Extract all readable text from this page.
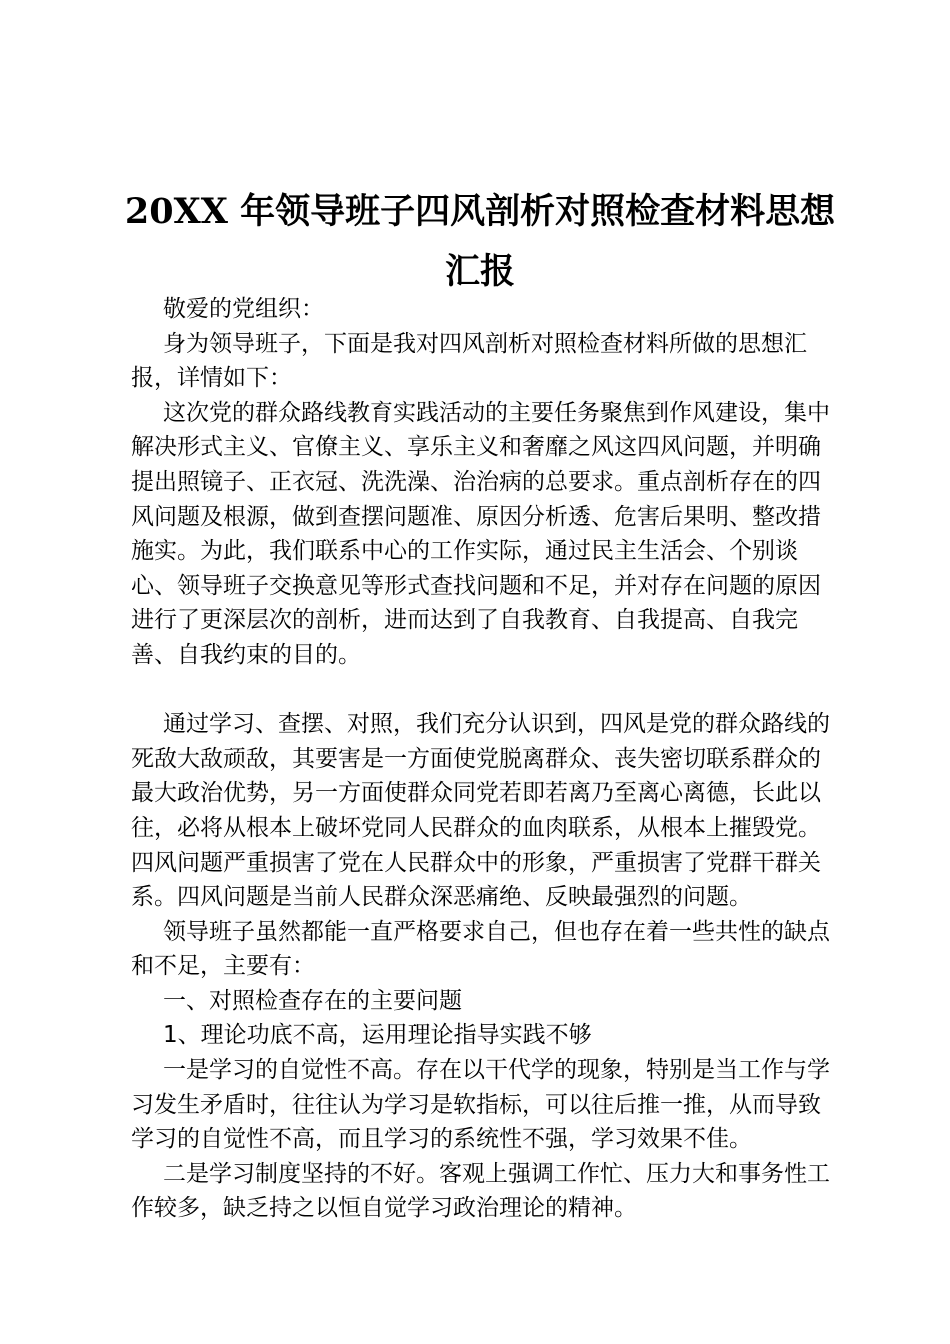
20XX 年领导班子四风剖析对照检查材料思想
汇报

敬爱的党组织：

身为领导班子，下面是我对四风剖析对照检查材料所做的思想汇报，详情如下：

这次党的群众路线教育实践活动的主要任务聚焦到作风建设，集中解决形式主义、官僚主义、享乐主义和奢靡之风这四风问题，并明确提出照镜子、正衣冠、洗洗澡、治治病的总要求。重点剖析存在的四风问题及根源，做到查摆问题准、原因分析透、危害后果明、整改措施实。为此，我们联系中心的工作实际，通过民主生活会、个别谈心、领导班子交换意见等形式查找问题和不足，并对存在问题的原因进行了更深层次的剖析，进而达到了自我教育、自我提高、自我完善、自我约束的目的。

通过学习、查摆、对照，我们充分认识到，四风是党的群众路线的死敌大敌顽敌，其要害是一方面使党脱离群众、丧失密切联系群众的最大政治优势，另一方面使群众同党若即若离乃至离心离德，长此以往，必将从根本上破坏党同人民群众的血肉联系，从根本上摧毁党。四风问题严重损害了党在人民群众中的形象，严重损害了党群干群关系。四风问题是当前人民群众深恶痛绝、反映最强烈的问题。

领导班子虽然都能一直严格要求自己，但也存在着一些共性的缺点和不足，主要有：

一、对照检查存在的主要问题

1、理论功底不高，运用理论指导实践不够

一是学习的自觉性不高。存在以干代学的现象，特别是当工作与学习发生矛盾时，往往认为学习是软指标，可以往后推一推，从而导致学习的自觉性不高，而且学习的系统性不强，学习效果不佳。

二是学习制度坚持的不好。客观上强调工作忙、压力大和事务性工作较多，缺乏持之以恒自觉学习政治理论的精神。
